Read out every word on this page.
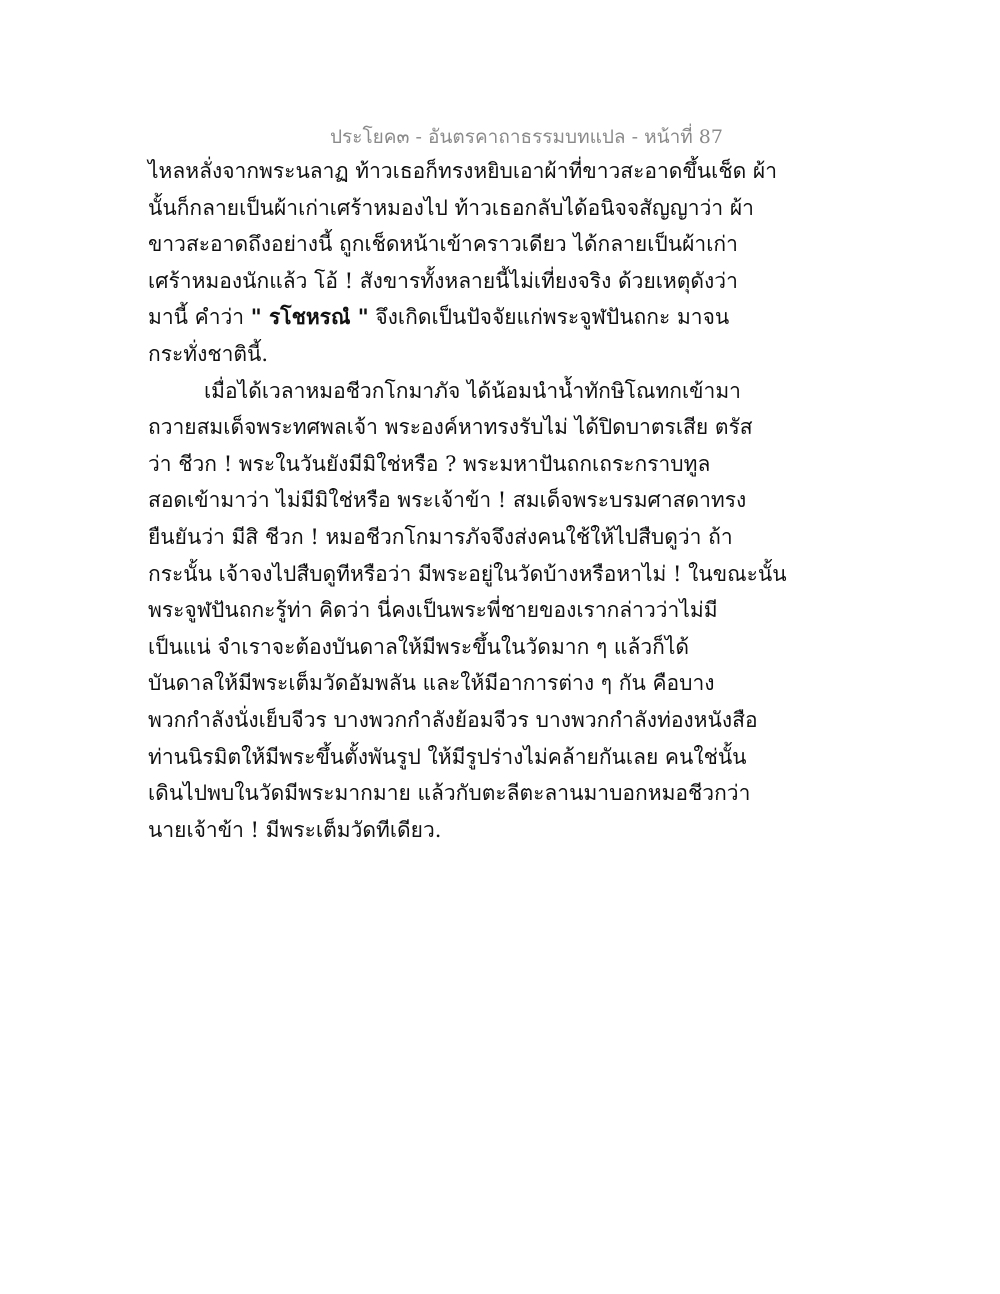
ประโยค๓ - อันตรคาถาธรรมบทแปล - หน้าที่ 87
ไหลหลั่งจากพระนลาฏ ท้าวเธอก็ทรงหยิบเอาผ้าที่ขาวสะอาดขึ้นเช็ด ผ้า
นั้นก็กลายเป็นผ้าเก่าเศร้าหมองไป ท้าวเธอกลับได้อนิจจสัญญาว่า ผ้า
ขาวสะอาดถึงอย่างนี้ ถูกเช็ดหน้าเข้าคราวเดียว ได้กลายเป็นผ้าเก่า
เศร้าหมองนักแล้ว โอ้ ! สังขารทั้งหลายนี้ไม่เที่ยงจริง ด้วยเหตุดังว่า
มานี้ คำว่า " รโชหรณํ " จึงเกิดเป็นปัจจัยแก่พระจูฬปันถกะ มาจน
กระทั่งชาตินี้.
เมื่อได้เวลาหมอชีวกโกมาภัจ ได้น้อมนำน้ำทักษิโณทกเข้ามา
ถวายสมเด็จพระทศพลเจ้า พระองค์หาทรงรับไม่ ได้ปิดบาตรเสีย ตรัส
ว่า ชีวก ! พระในวันยังมีมิใช่หรือ ? พระมหาปันถกเถระกราบทูล
สอดเข้ามาว่า ไม่มีมิใช่หรือ พระเจ้าข้า ! สมเด็จพระบรมศาสดาทรง
ยืนยันว่า มีสิ ชีวก ! หมอชีวกโกมารภัจจึงส่งคนใช้ให้ไปสืบดูว่า ถ้า
กระนั้น เจ้าจงไปสืบดูทีหรือว่า มีพระอยู่ในวัดบ้างหรือหาไม่ ! ในขณะนั้น
พระจูฬปันถกะรู้ท่า คิดว่า นี่คงเป็นพระพี่ชายของเรากล่าวว่าไม่มี
เป็นแน่ จำเราจะต้องบันดาลให้มีพระขึ้นในวัดมาก ๆ แล้วก็ได้
บันดาลให้มีพระเต็มวัดอัมพลัน และให้มีอาการต่าง ๆ กัน คือบาง
พวกกำลังนั่งเย็บจีวร บางพวกกำลังย้อมจีวร บางพวกกำลังท่องหนังสือ
ท่านนิรมิตให้มีพระขึ้นตั้งพันรูป ให้มีรูปร่างไม่คล้ายกันเลย คนใช่นั้น
เดินไปพบในวัดมีพระมากมาย แล้วกับตะลีตะลานมาบอกหมอชีวกว่า
นายเจ้าข้า ! มีพระเต็มวัดทีเดียว.
